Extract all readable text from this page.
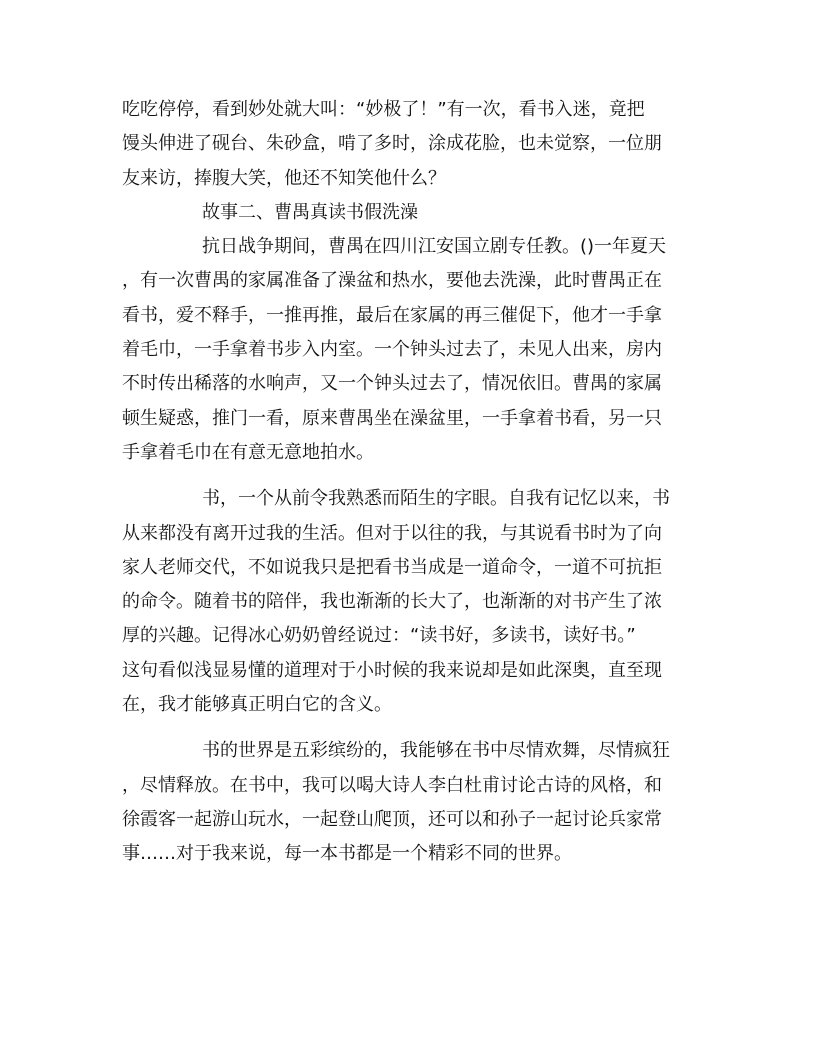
吃吃停停，看到妙处就大叫：“妙极了！”有一次，看书入迷，竟把
馒头伸进了砚台、朱砂盒，啃了多时，涂成花脸，也未觉察，一位朋
友来访，捧腹大笑，他还不知笑他什么？
故事二、曹禺真读书假洗澡
抗日战争期间，曹禺在四川江安国立剧专任教。()一年夏天
，有一次曹禺的家属准备了澡盆和热水，要他去洗澡，此时曹禺正在
看书，爱不释手，一推再推，最后在家属的再三催促下，他才一手拿
着毛巾，一手拿着书步入内室。一个钟头过去了，未见人出来，房内
不时传出稀落的水响声，又一个钟头过去了，情况依旧。曹禺的家属
顿生疑惑，推门一看，原来曹禺坐在澡盆里，一手拿着书看，另一只
手拿着毛巾在有意无意地拍水。
书，一个从前令我熟悉而陌生的字眼。自我有记忆以来，书
从来都没有离开过我的生活。但对于以往的我，与其说看书时为了向
家人老师交代，不如说我只是把看书当成是一道命令，一道不可抗拒
的命令。随着书的陪伴，我也渐渐的长大了，也渐渐的对书产生了浓
厚的兴趣。记得冰心奶奶曾经说过：“读书好，多读书，读好书。”
这句看似浅显易懂的道理对于小时候的我来说却是如此深奥，直至现
在，我才能够真正明白它的含义。
书的世界是五彩缤纷的，我能够在书中尽情欢舞，尽情疯狂
，尽情释放。在书中，我可以喝大诗人李白杜甫讨论古诗的风格，和
徐霞客一起游山玩水，一起登山爬顶，还可以和孙子一起讨论兵家常
事……对于我来说，每一本书都是一个精彩不同的世界。
